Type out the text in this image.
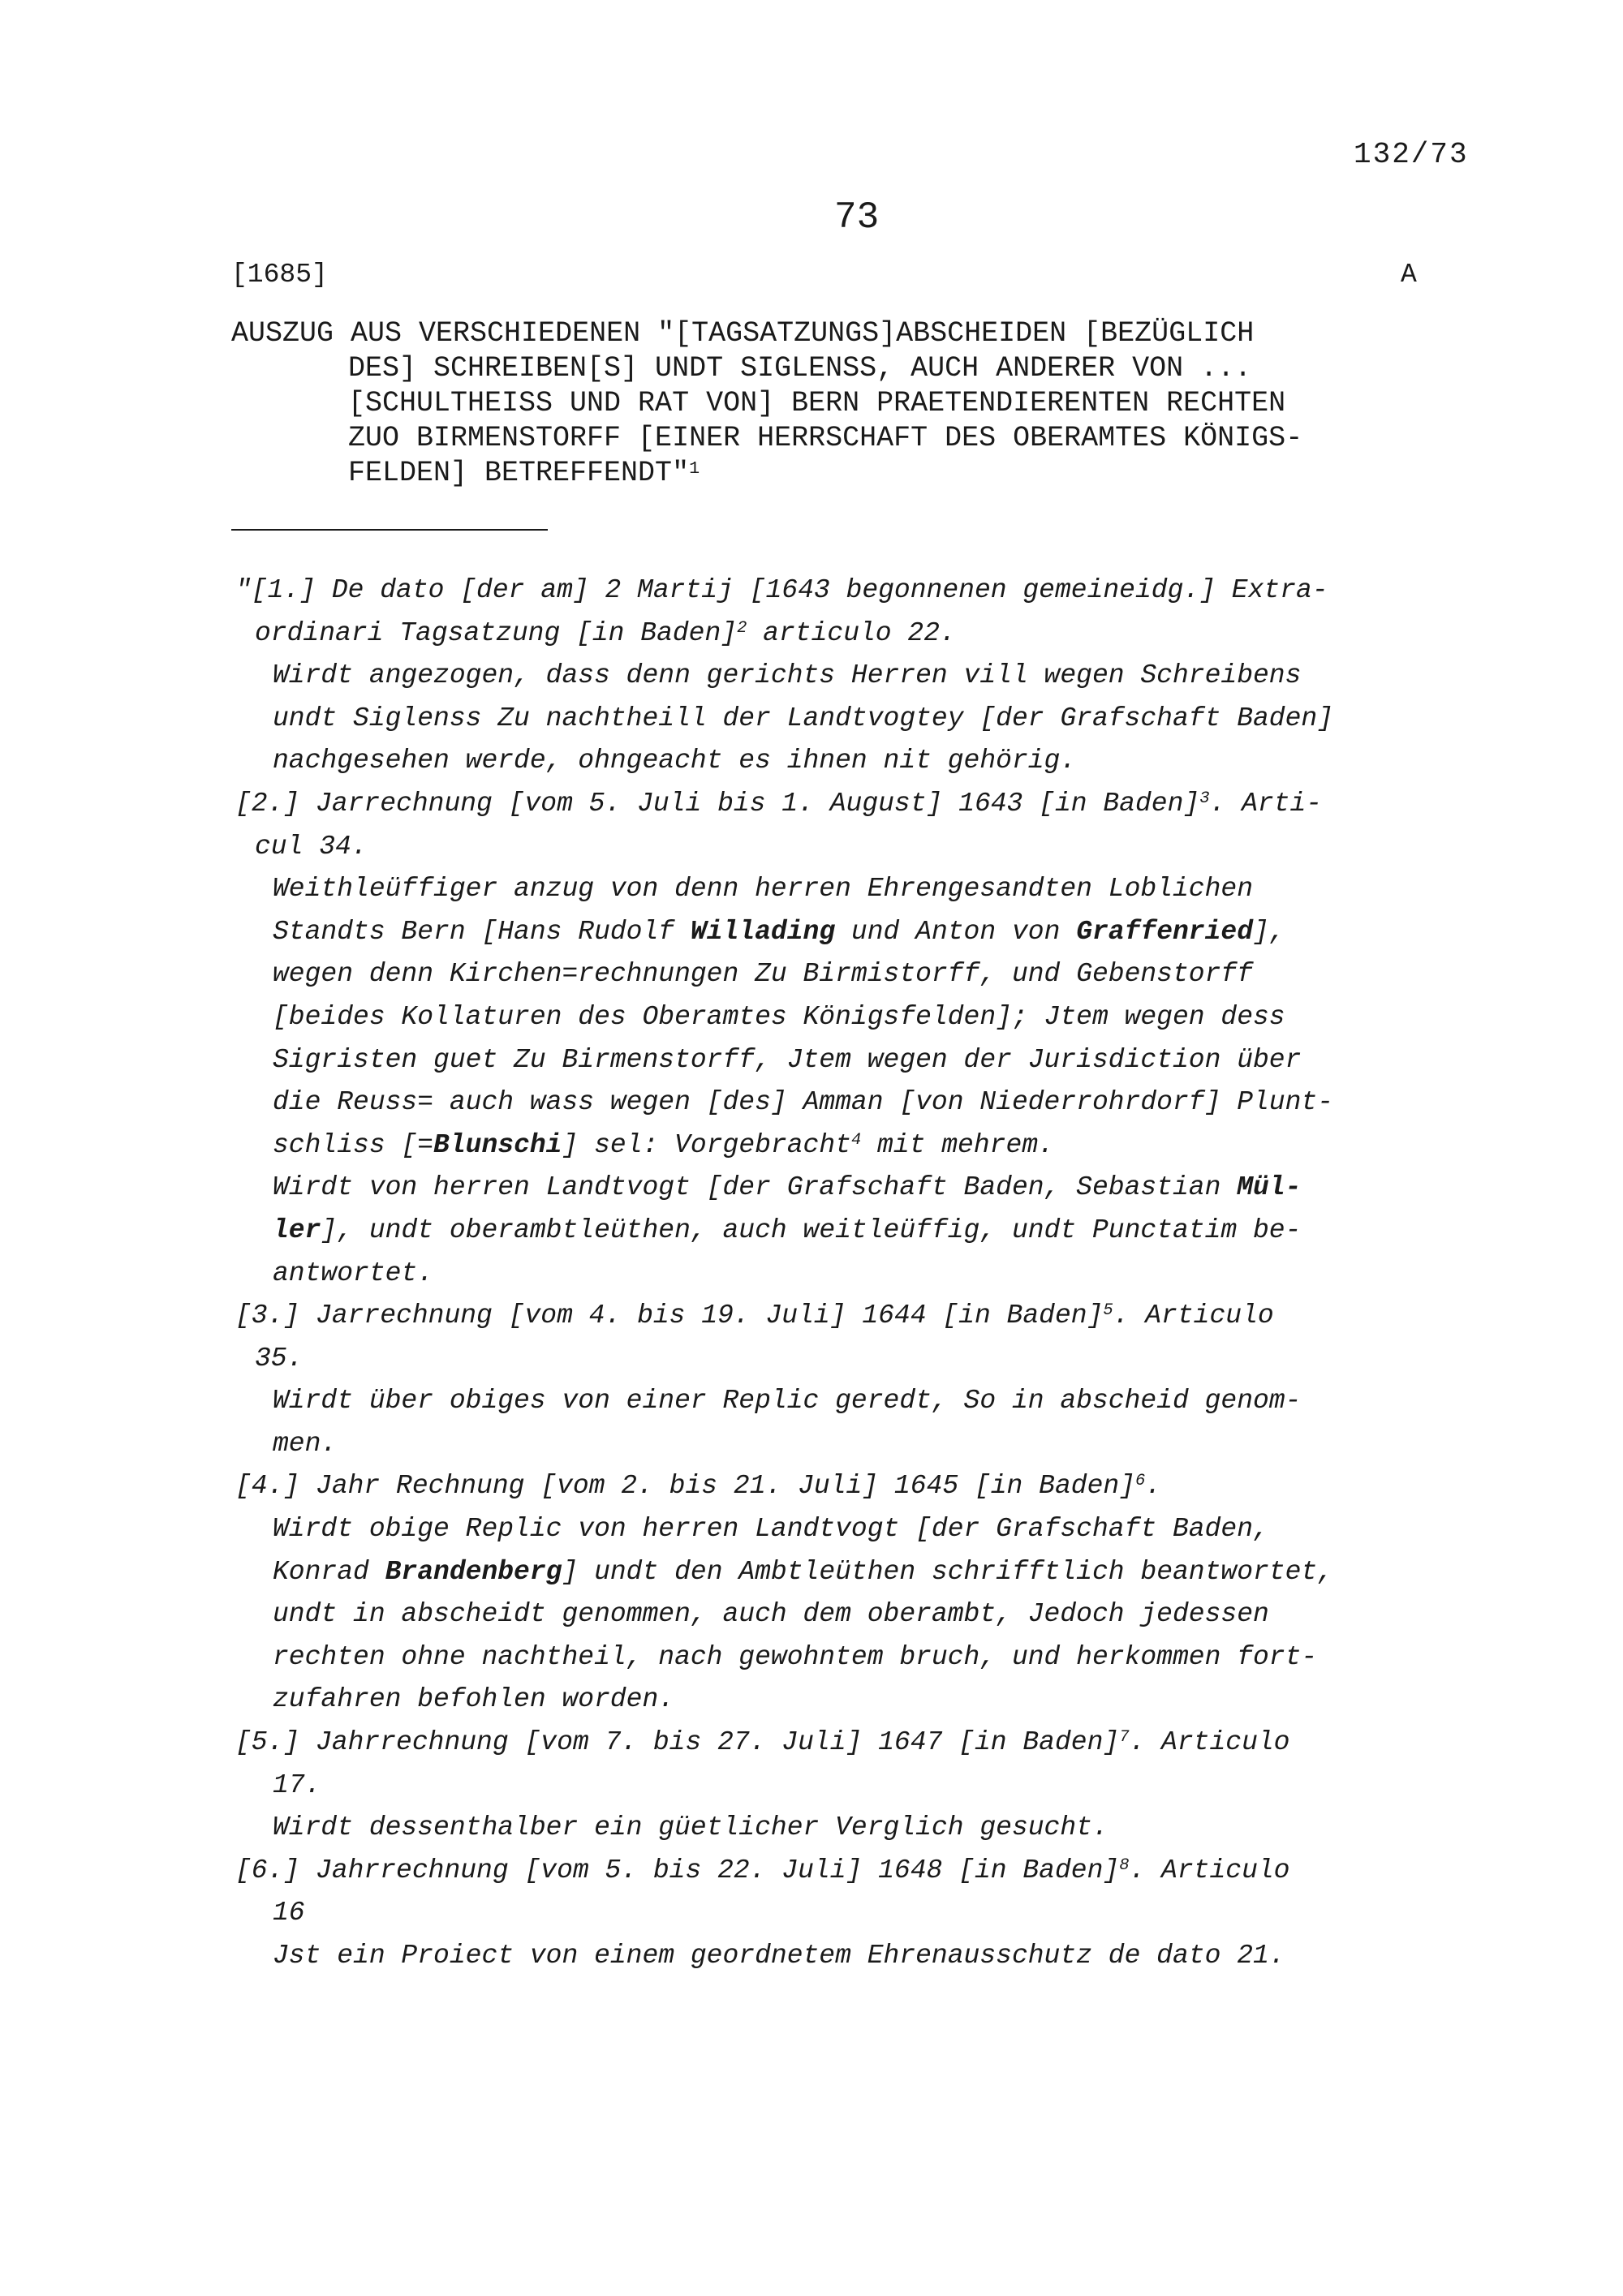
132/73
73
[1685]	A
AUSZUG AUS VERSCHIEDENEN "[TAGSATZUNGS]ABSCHEIDEN [BEZÜGLICH
DES] SCHREIBEN[S] UNDT SIGLENSS, AUCH ANDERER VON ...
[SCHULTHEISS UND RAT VON] BERN PRAETENDIERENTEN RECHTEN
ZUO BIRMENSTORFF [EINER HERRSCHAFT DES OBERAMTES KÖNIGS-
FELDEN] BETREFFENDT"$^1$
"[1.] De dato [der am] 2 Martij [1643 begonnenen gemeineidg.] Extra-
ordinari Tagsatzung [in Baden]$^2$ articulo 22.
Wirdt angezogen, dass denn gerichts Herren vill wegen Schreibens
undt Siglenss Zu nachtheill der Landtvogtey [der Grafschaft Baden]
nachgesehen werde, ohngeacht es ihnen nit gehörig.
[2.] Jarrechnung [vom 5. Juli bis 1. August] 1643 [in Baden]$^3$. Arti-
cul 34.
Weithleüffiger anzug von denn herren Ehrengesandten Loblichen
Standts Bern [Hans Rudolf Willading und Anton von Graffenried],
wegen denn Kirchen=rechnungen Zu Birmistorff, und Gebenstorff
[beides Kollaturen des Oberamtes Königsfelden]; Jtem wegen dess
Sigristen guet Zu Birmenstorff, Jtem wegen der Jurisdiction über
die Reuss= auch wass wegen [des] Amman [von Niederrohrdorf] Plunt-
schliss [=Blunschi] sel: Vorgebracht$^4$ mit mehrem.
Wirdt von herren Landtvogt [der Grafschaft Baden, Sebastian Mül-
ler], undt oberambtleüthen, auch weitleüffig, undt Punctatim be-
antwortet.
[3.] Jarrechnung [vom 4. bis 19. Juli] 1644 [in Baden]$^5$. Articulo
35.
Wirdt über obiges von einer Replic geredt, So in abscheid genom-
men.
[4.] Jahr Rechnung [vom 2. bis 21. Juli] 1645 [in Baden]$^6$.
Wirdt obige Replic von herren Landtvogt [der Grafschaft Baden,
Konrad Brandenberg] undt den Ambtleüthen schrifftlich beantwortet,
undt in abscheidt genommen, auch dem oberambt, Jedoch jedessen
rechten ohne nachtheil, nach gewohntem bruch, und herkommen fort-
zufahren befohlen worden.
[5.] Jahrrechnung [vom 7. bis 27. Juli] 1647 [in Baden]$^7$. Articulo
17.
Wirdt dessenthalber ein güetlicher Verglich gesucht.
[6.] Jahrrechnung [vom 5. bis 22. Juli] 1648 [in Baden]$^8$. Articulo
16
Jst ein Proiect von einem geordnetem Ehrenausschutz de dato 21.
